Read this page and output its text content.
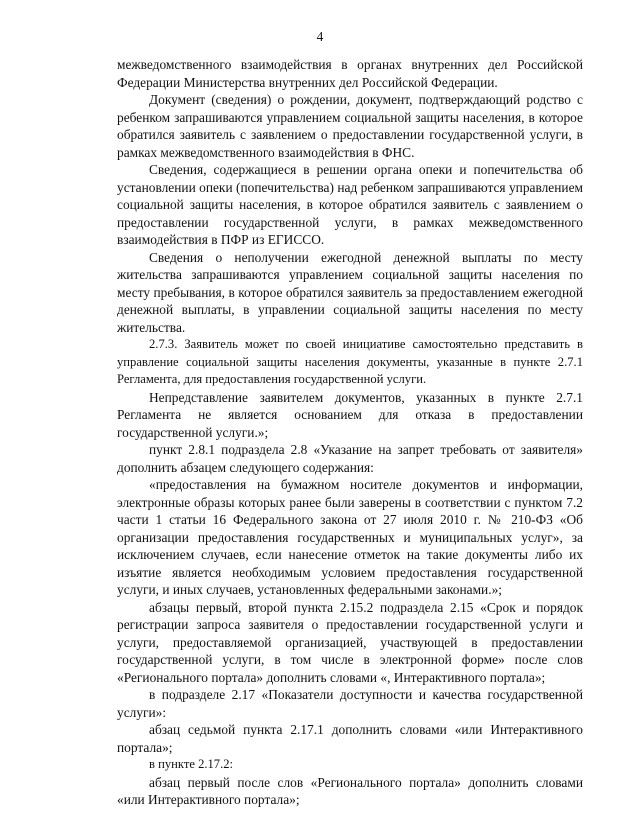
4

межведомственного взаимодействия в органах внутренних дел Российской Федерации Министерства внутренних дел Российской Федерации.

Документ (сведения) о рождении, документ, подтверждающий родство с ребенком запрашиваются управлением социальной защиты населения, в которое обратился заявитель с заявлением о предоставлении государственной услуги, в рамках межведомственного взаимодействия в ФНС.

Сведения, содержащиеся в решении органа опеки и попечительства об установлении опеки (попечительства) над ребенком запрашиваются управлением социальной защиты населения, в которое обратился заявитель с заявлением о предоставлении государственной услуги, в рамках межведомственного взаимодействия в ПФР из ЕГИССО.

Сведения о неполучении ежегодной денежной выплаты по месту жительства запрашиваются управлением социальной защиты населения по месту пребывания, в которое обратился заявитель за предоставлением ежегодной денежной выплаты, в управлении социальной защиты населения по месту жительства.

2.7.3. Заявитель может по своей инициативе самостоятельно представить в управление социальной защиты населения документы, указанные в пункте 2.7.1 Регламента, для предоставления государственной услуги.

Непредставление заявителем документов, указанных в пункте 2.7.1 Регламента не является основанием для отказа в предоставлении государственной услуги.»;

пункт 2.8.1 подраздела 2.8 «Указание на запрет требовать от заявителя» дополнить абзацем следующего содержания:

«предоставления на бумажном носителе документов и информации, электронные образы которых ранее были заверены в соответствии с пунктом 7.2 части 1 статьи 16 Федерального закона от 27 июля 2010 г. № 210-ФЗ «Об организации предоставления государственных и муниципальных услуг», за исключением случаев, если нанесение отметок на такие документы либо их изъятие является необходимым условием предоставления государственной услуги, и иных случаев, установленных федеральными законами.»;

абзацы первый, второй пункта 2.15.2 подраздела 2.15 «Срок и порядок регистрации запроса заявителя о предоставлении государственной услуги и услуги, предоставляемой организацией, участвующей в предоставлении государственной услуги, в том числе в электронной форме» после слов «Регионального портала» дополнить словами «, Интерактивного портала»;

в подразделе 2.17 «Показатели доступности и качества государственной услуги»:

абзац седьмой пункта 2.17.1 дополнить словами «или Интерактивного портала»;

в пункте 2.17.2:

абзац первый после слов «Регионального портала» дополнить словами «или Интерактивного портала»;
